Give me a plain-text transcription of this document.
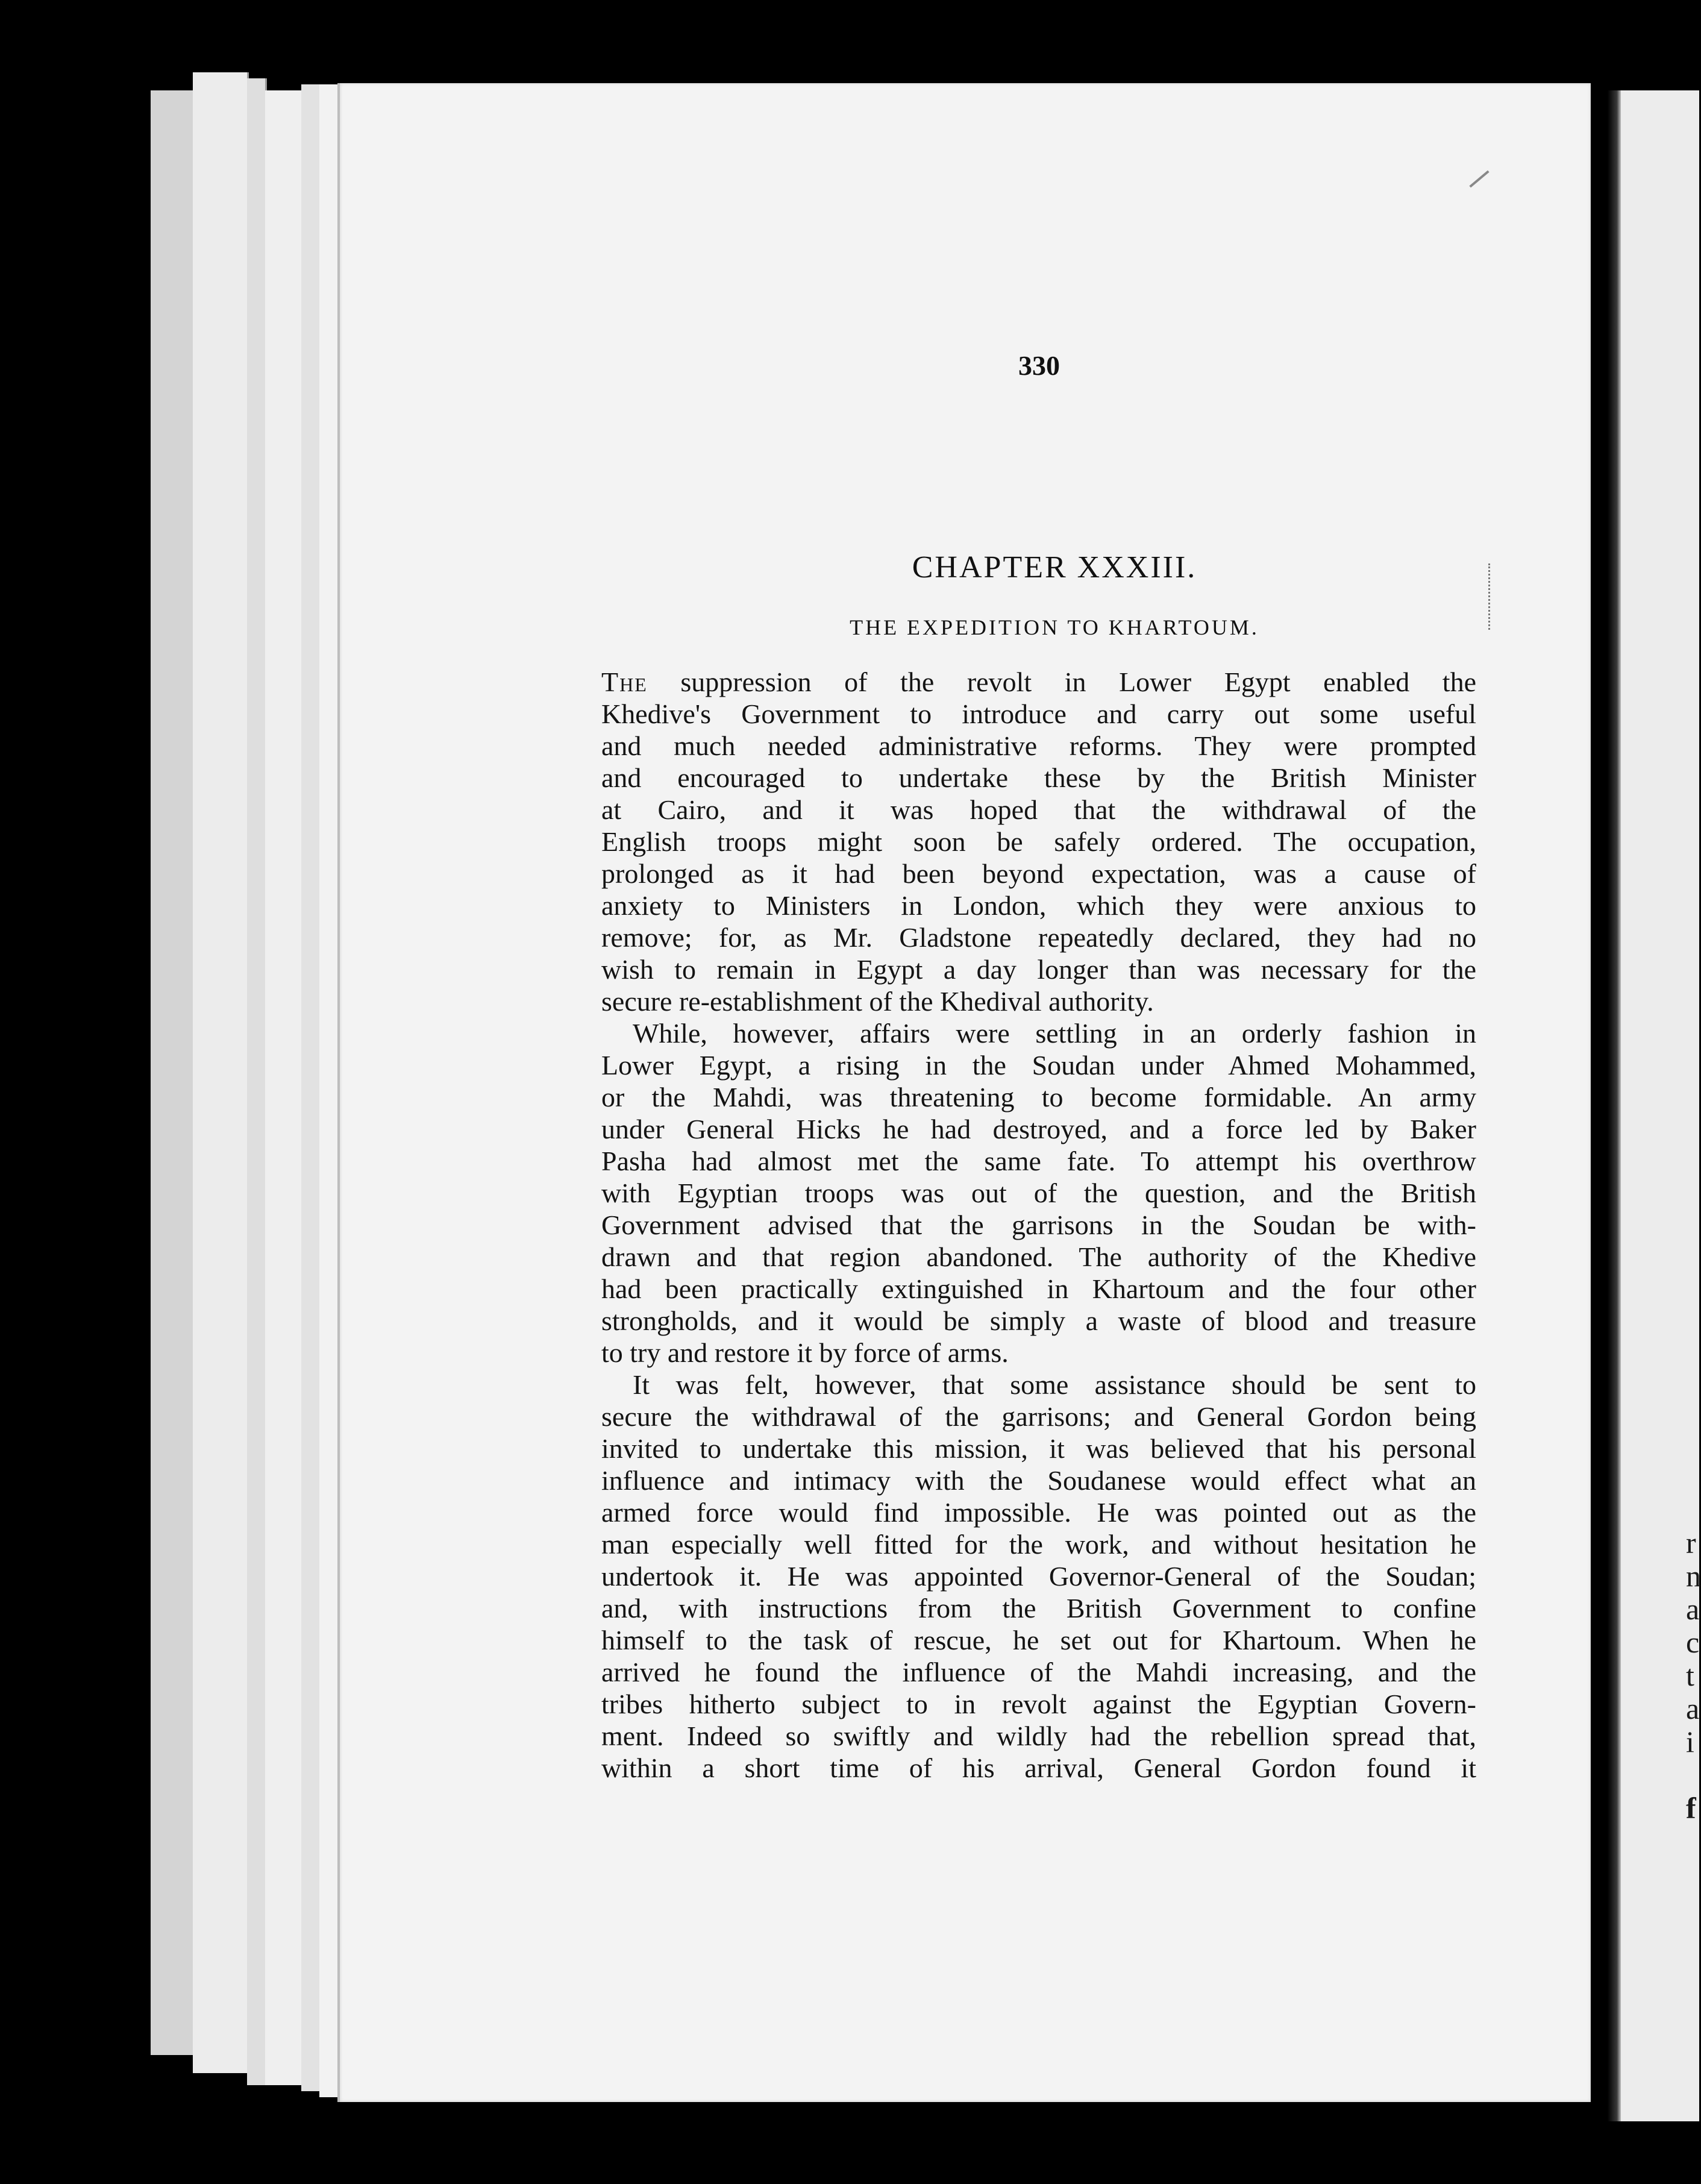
330
CHAPTER XXXIII.
THE EXPEDITION TO KHARTOUM.
The suppression of the revolt in Lower Egypt enabled the
Khedive's Government to introduce and carry out some useful
and much needed administrative reforms. They were prompted
and encouraged to undertake these by the British Minister
at Cairo, and it was hoped that the withdrawal of the
English troops might soon be safely ordered. The occupation,
prolonged as it had been beyond expectation, was a cause of
anxiety to Ministers in London, which they were anxious to
remove; for, as Mr. Gladstone repeatedly declared, they had no
wish to remain in Egypt a day longer than was necessary for the
secure re-establishment of the Khedival authority.
While, however, affairs were settling in an orderly fashion in
Lower Egypt, a rising in the Soudan under Ahmed Mohammed,
or the Mahdi, was threatening to become formidable. An army
under General Hicks he had destroyed, and a force led by Baker
Pasha had almost met the same fate. To attempt his overthrow
with Egyptian troops was out of the question, and the British
Government advised that the garrisons in the Soudan be with-
drawn and that region abandoned. The authority of the Khedive
had been practically extinguished in Khartoum and the four other
strongholds, and it would be simply a waste of blood and treasure
to try and restore it by force of arms.
It was felt, however, that some assistance should be sent to
secure the withdrawal of the garrisons; and General Gordon being
invited to undertake this mission, it was believed that his personal
influence and intimacy with the Soudanese would effect what an
armed force would find impossible. He was pointed out as the
man especially well fitted for the work, and without hesitation he
undertook it. He was appointed Governor-General of the Soudan;
and, with instructions from the British Government to confine
himself to the task of rescue, he set out for Khartoum. When he
arrived he found the influence of the Mahdi increasing, and the
tribes hitherto subject to in revolt against the Egyptian Govern-
ment. Indeed so swiftly and wildly had the rebellion spread that,
within a short time of his arrival, General Gordon found it
r
n
a
c
t
a
i
f
